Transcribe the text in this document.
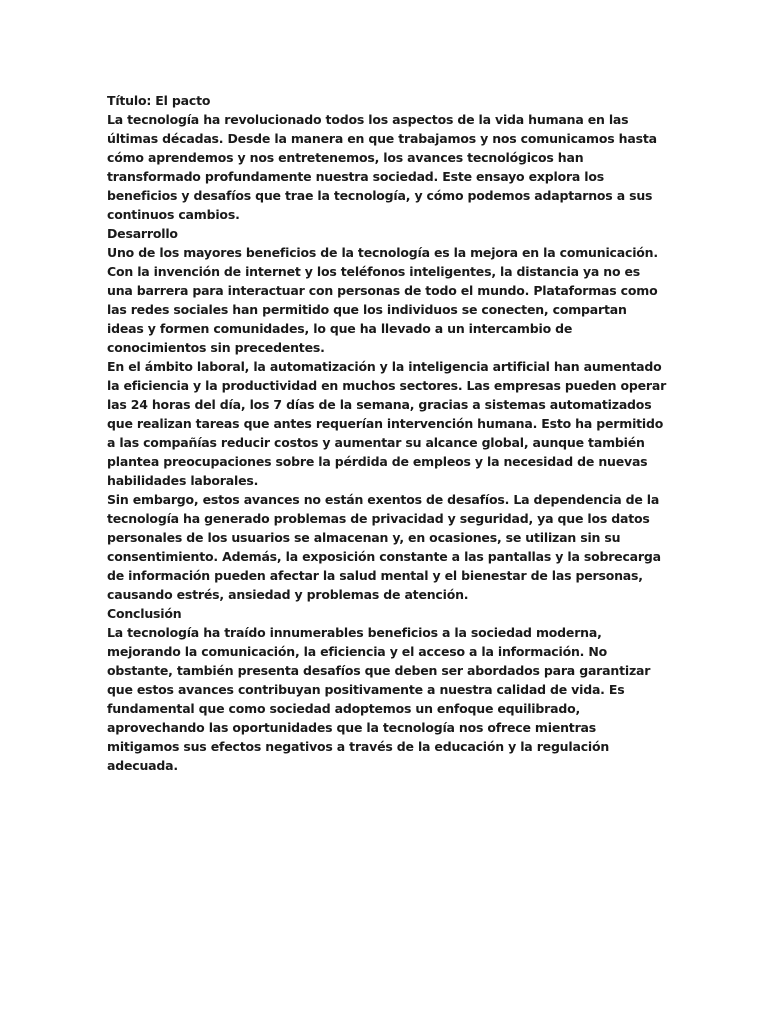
Título: El pacto

La tecnología ha revolucionado todos los aspectos de la vida humana en las últimas décadas. Desde la manera en que trabajamos y nos comunicamos hasta cómo aprendemos y nos entretenemos, los avances tecnológicos han transformado profundamente nuestra sociedad. Este ensayo explora los beneficios y desafíos que trae la tecnología, y cómo podemos adaptarnos a sus continuos cambios.

Desarrollo

Uno de los mayores beneficios de la tecnología es la mejora en la comunicación. Con la invención de internet y los teléfonos inteligentes, la distancia ya no es una barrera para interactuar con personas de todo el mundo. Plataformas como las redes sociales han permitido que los individuos se conecten, compartan ideas y formen comunidades, lo que ha llevado a un intercambio de conocimientos sin precedentes.

En el ámbito laboral, la automatización y la inteligencia artificial han aumentado la eficiencia y la productividad en muchos sectores. Las empresas pueden operar las 24 horas del día, los 7 días de la semana, gracias a sistemas automatizados que realizan tareas que antes requerían intervención humana. Esto ha permitido a las compañías reducir costos y aumentar su alcance global, aunque también plantea preocupaciones sobre la pérdida de empleos y la necesidad de nuevas habilidades laborales.

Sin embargo, estos avances no están exentos de desafíos. La dependencia de la tecnología ha generado problemas de privacidad y seguridad, ya que los datos personales de los usuarios se almacenan y, en ocasiones, se utilizan sin su consentimiento. Además, la exposición constante a las pantallas y la sobrecarga de información pueden afectar la salud mental y el bienestar de las personas, causando estrés, ansiedad y problemas de atención.

Conclusión

La tecnología ha traído innumerables beneficios a la sociedad moderna, mejorando la comunicación, la eficiencia y el acceso a la información. No obstante, también presenta desafíos que deben ser abordados para garantizar que estos avances contribuyan positivamente a nuestra calidad de vida. Es fundamental que como sociedad adoptemos un enfoque equilibrado, aprovechando las oportunidades que la tecnología nos ofrece mientras mitigamos sus efectos negativos a través de la educación y la regulación adecuada.
